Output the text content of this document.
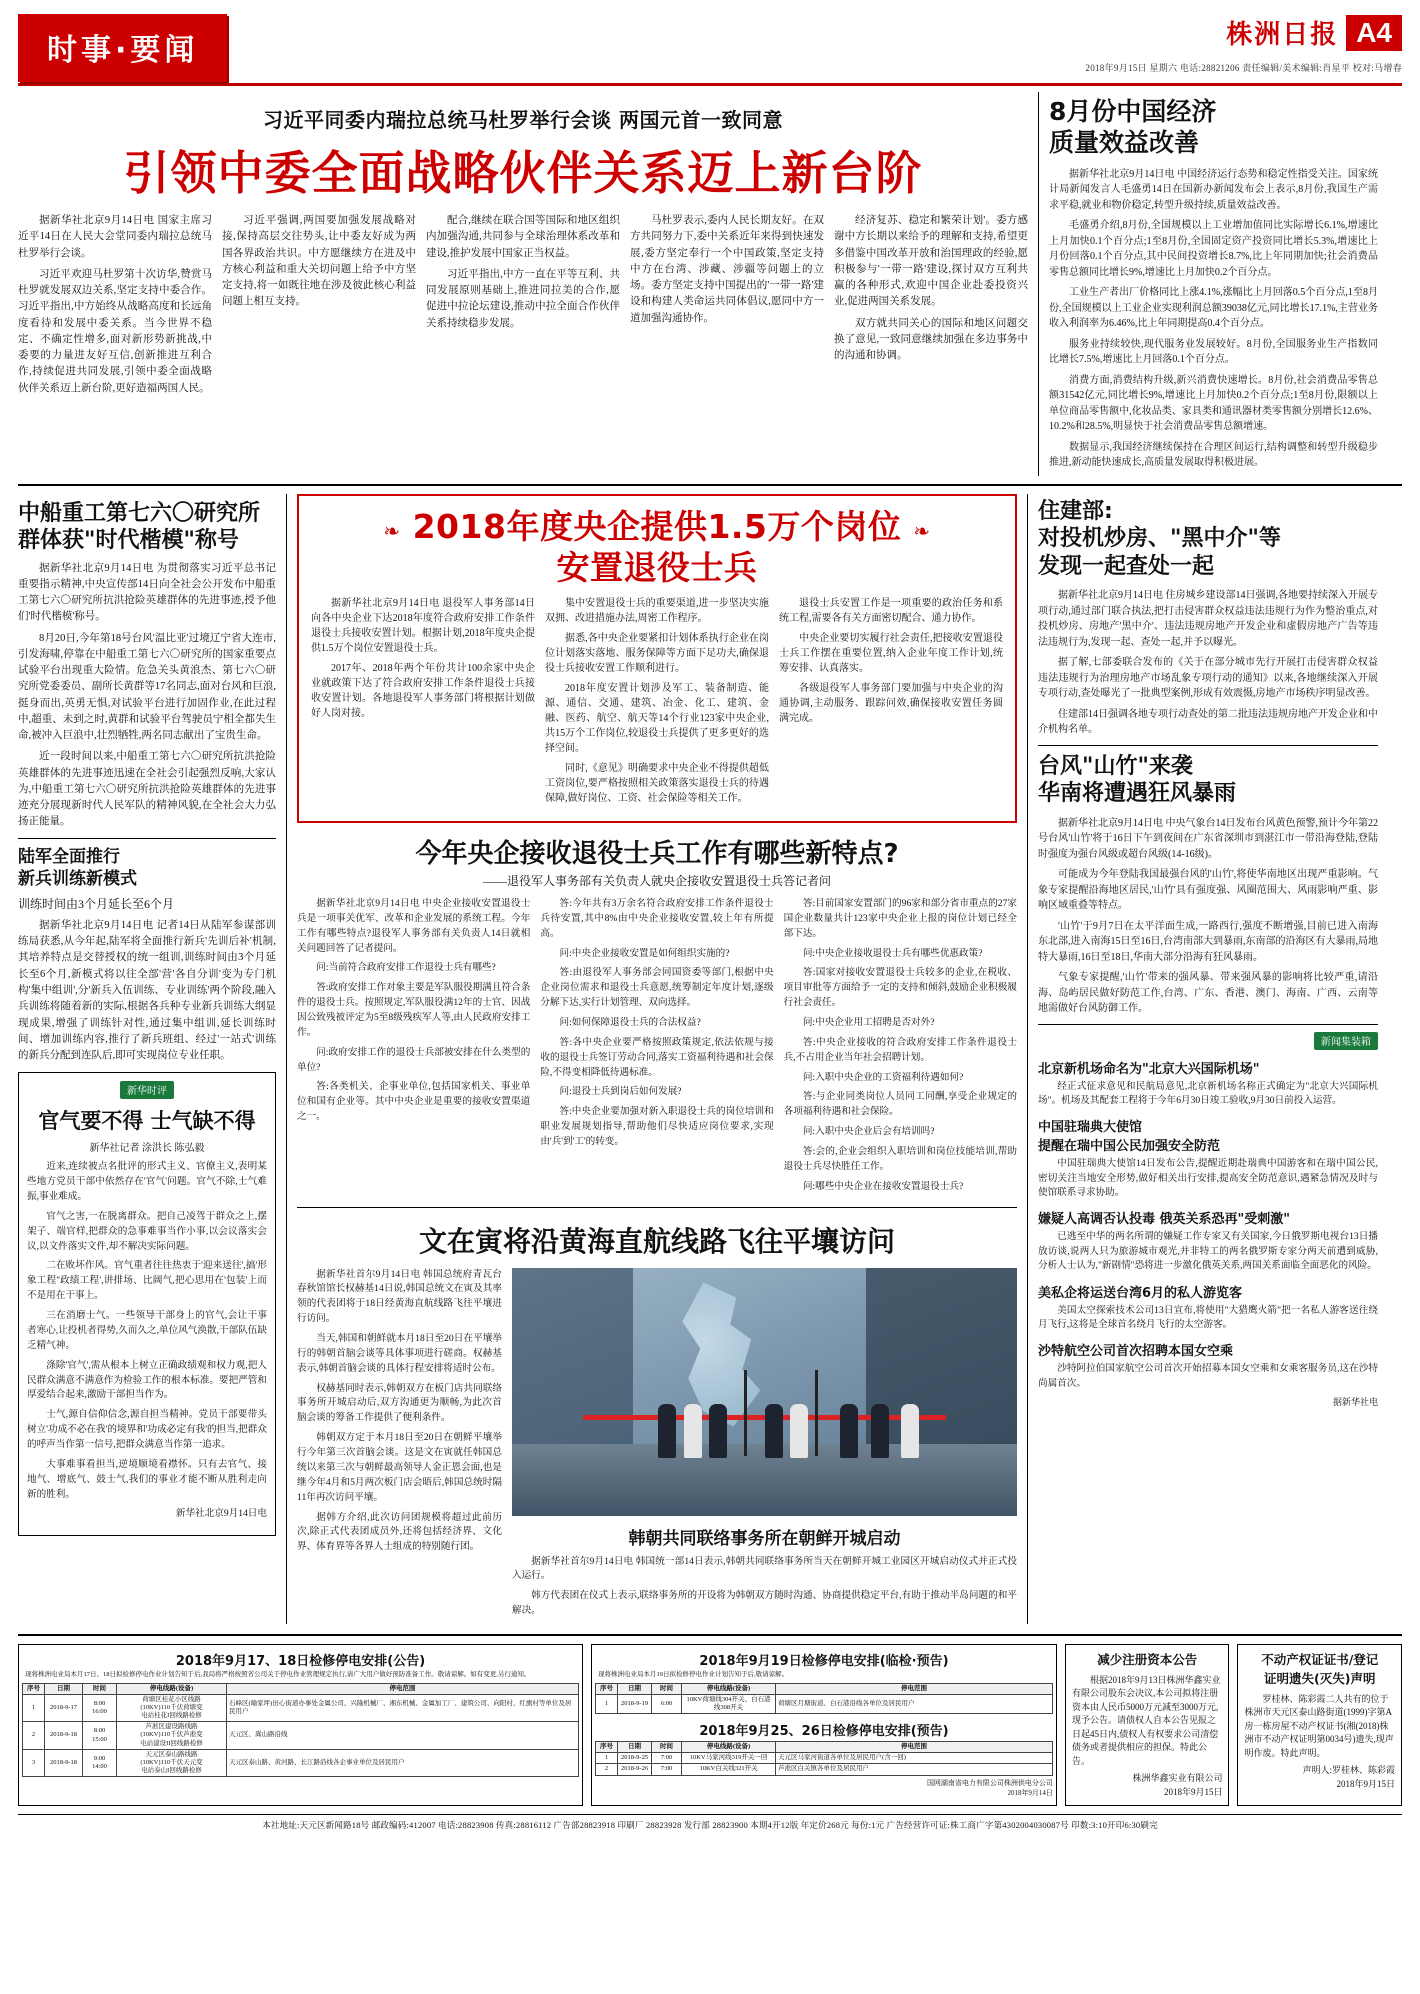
时事·要闻	株洲日报 A4
2018年9月15日 星期六 电话:28821206 责任编辑/美术编辑:肖星平 校对:马增春
习近平同委内瑞拉总统马杜罗举行会谈 两国元首一致同意
引领中委全面战略伙伴关系迈上新台阶

据新华社北京9月14日电 国家主席习近平14日在人民大会堂同委内瑞拉总统马杜罗举行会谈。

习近平欢迎马杜罗第十次访华,赞赏马杜罗就发展双边关系,坚定支持中委合作。习近平指出,中方始终从战略高度和长远角度看待和发展中委关系。当今世界不稳定、不确定性增多,面对新形势新挑战,中委要的力量进友好互信,创新推进互利合作,持续促进共同发展,引领中委全面战略伙伴关系迈上新台阶,更好造福两国人民。

习近平强调,两国要加强发展战略对接,保持高层交往势头,让中委友好成为两国各界政治共识。中方愿继续方在进及中方核心利益和重大关切问题上给予中方坚定支持,将一如既往地在涉及彼此核心利益问题上相互支持。

配合,继续在联合国等国际和地区组织内加强沟通,共同参与全球治理体系改革和建设,推护发展中国家正当权益。

习近平指出,中方一直在平等互利、共同发展原则基础上,推进同拉美的合作,愿促进中拉论坛建设,推动中拉全面合作伙伴关系持续稳步发展。

马杜罗表示,委内人民长期友好。在双方共同努力下,委中关系近年来得到快速发展,委方坚定奉行一个中国政策,坚定支持中方在台湾、涉藏、涉疆等问题上的立场。委方坚定支持中国提出的'一带一路'建设和构建人类命运共同体倡议,愿同中方一道加强沟通协作。

经济复苏、稳定和繁荣计划'。委方感谢中方长期以来给予的理解和支持,希望更多借鉴中国改革开放和治国理政的经验,愿积极参与'一带一路'建设,探讨双方互利共赢的各种形式,欢迎中国企业赴委投资兴业,促进两国关系发展。

双方就共同关心的国际和地区问题交换了意见,一致同意继续加强在多边事务中的沟通和协调。

8月份中国经济
质量效益改善

据新华社北京9月14日电 中国经济运行态势和稳定性指受关注。国家统计局新闻发言人毛盛勇14日在国新办新闻发布会上表示,8月份,我国生产需求平稳,就业和物价稳定,转型升级持续,质量效益改善。

毛盛勇介绍,8月份,全国规模以上工业增加值同比实际增长6.1%,增速比上月加快0.1个百分点;1至8月份,全国固定资产投资同比增长5.3%,增速比上月份回落0.1个百分点,其中民间投资增长8.7%,比上年同期加快;社会消费品零售总额同比增长9%,增速比上月加快0.2个百分点。

工业生产者出厂价格同比上涨4.1%,涨幅比上月回落0.5个百分点,1至8月份,全国规模以上工业企业实现利润总额39038亿元,同比增长17.1%,主营业务收入利润率为6.46%,比上年同期提高0.4个百分点。

服务业持续较快,现代服务业发展较好。8月份,全国服务业生产指数同比增长7.5%,增速比上月回落0.1个百分点。

消费方面,消费结构升级,新兴消费快速增长。8月份,社会消费品零售总额31542亿元,同比增长9%,增速比上月加快0.2个百分点;1至8月份,限额以上单位商品零售额中,化妆品类、家具类和通讯器材类零售额分别增长12.6%、10.2%和28.5%,明显快于社会消费品零售总额增速。

数据显示,我国经济继续保持在合理区间运行,结构调整和转型升级稳步推进,新动能快速成长,高质量发展取得积极进展。

中船重工第七六〇研究所
群体获"时代楷模"称号

据新华社北京9月14日电 为贯彻落实习近平总书记重要指示精神,中央宣传部14日向全社会公开发布中船重工第七六〇研究所抗洪抢险英雄群体的先进事迹,授予他们'时代楷模'称号。

8月20日,今年第18号台风'温比亚'过境辽宁省大连市,引发海啸,停靠在中船重工第七六〇研究所的国家重要点试验平台出现重大险情。危急关头黄浪杰、第七六〇研究所党委委员、副所长黄群等17名同志,面对台风和巨浪,挺身而出,英勇无惧,对试验平台进行加固作业,在此过程中,超重、未到之时,黄群和试验平台驾驶员宁相全都失生命,被冲入巨浪中,壮烈牺牲,两名同志献出了宝贵生命。

近一段时间以来,中船重工第七六〇研究所抗洪抢险英雄群体的先进事迹迅速在全社会引起强烈反响,大家认为,中船重工第七六〇研究所抗洪抢险英雄群体的先进事迹充分展现新时代人民军队的精神风貌,在全社会大力弘扬正能量。

陆军全面推行
新兵训练新模式
训练时间由3个月延长至6个月

据新华社北京9月14日电 记者14日从陆军参谋部训练局获悉,从今年起,陆军将全面推行新兵'先训后补'机制,其培养特点是交替授权的统一组训,训练时间由3个月延长至6个月,新模式将以往全部'营'各自分训'变为专门机构'集中组训',分'新兵入伍训练、专业训练'两个阶段,融入兵训练将随着新的实际,根据各兵种专业新兵训练大纲显现成果,增强了训练针对性,通过集中组训,延长训练时间、增加训练内容,推行了新兵班组、经过'一站式'训练的新兵分配到连队后,即可实现岗位专业任职。

新华时评
官气要不得 士气缺不得
新华社记者 涂洪长 陈弘毅

近来,连续被点名批评的形式主义、官僚主义,表明某些地方党员干部中依然存在'官气'问题。官气不除,士气难振,事业难成。

官气之害,一在脱离群众。把自己凌驾于群众之上,摆架子、端官样,把群众的急事难事当作小事,以会议落实会议,以文件落实文件,却不解决实际问题。

二在败坏作风。官气重者往往热衷于'迎来送往',搞'形象工程''政绩工程',讲排场、比阔气,把心思用在'包装'上而不是用在干事上。

三在消磨士气。一些领导干部身上的官气,会让干事者寒心,让投机者得势,久而久之,单位风气涣散,干部队伍缺乏精气神。

涤除'官气',需从根本上树立正确政绩观和权力观,把人民群众满意不满意作为检验工作的根本标准。要把严管和厚爱结合起来,激励干部担当作为。

士气,源自信仰信念,源自担当精神。党员干部要带头树立'功成不必在我'的境界和'功成必定有我'的担当,把群众的呼声当作第一信号,把群众满意当作第一追求。

大事难事看担当,逆境顺境看襟怀。只有去官气、接地气、增底气、鼓士气,我们的事业才能不断从胜利走向新的胜利。

新华社北京9月14日电

❧ 2018年度央企提供1.5万个岗位 ❧
安置退役士兵

据新华社北京9月14日电 退役军人事务部14日向各中央企业下达2018年度符合政府安排工作条件退役士兵接收安置计划。根据计划,2018年度央企提供1.5万个岗位安置退役士兵。

2017年、2018年两个年份共计100余家中央企业就政策下达了符合政府安排工作条件退役士兵接收安置计划。各地退役军人事务部门将根据计划做好人岗对接。

集中安置退役士兵的重要渠道,进一步坚决实施双拥、改进措施办法,周密工作程序。

据悉,各中央企业要紧扣计划体系执行企业在岗位计划落实落地、服务保障等方面下足功夫,确保退役士兵接收安置工作顺利进行。

2018年度安置计划涉及军工、装备制造、能源、通信、交通、建筑、冶金、化工、建筑、金融、医药、航空、航天等14个行业123家中央企业,共15万个工作岗位,较退役士兵提供了更多更好的选择空间。

同时,《意见》明确要求中央企业不得提供超低工资岗位,要严格按照相关政策落实退役士兵的待遇保障,做好岗位、工资、社会保险等相关工作。

退役士兵安置工作是一项重要的政治任务和系统工程,需要各有关方面密切配合、通力协作。

中央企业要切实履行社会责任,把接收安置退役士兵工作摆在重要位置,纳入企业年度工作计划,统筹安排、认真落实。

各级退役军人事务部门要加强与中央企业的沟通协调,主动服务、跟踪问效,确保接收安置任务圆满完成。

今年央企接收退役士兵工作有哪些新特点?
——退役军人事务部有关负责人就央企接收安置退役士兵答记者问

据新华社北京9月14日电 中央企业接收安置退役士兵是一项事关优军、改革和企业发展的系统工程。今年工作有哪些特点?退役军人事务部有关负责人14日就相关问题回答了记者提问。

问:当前符合政府安排工作退役士兵有哪些?

答:政府安排工作对象主要是军队服役期满且符合条件的退役士兵。按照规定,军队服役满12年的士官、因战因公致残被评定为5至8级残疾军人等,由人民政府安排工作。

问:政府安排工作的退役士兵部被安排在什么类型的单位?

答:各类机关、企事业单位,包括国家机关、事业单位和国有企业等。其中中央企业是重要的接收安置渠道之一。

答:今年共有3万余名符合政府安排工作条件退役士兵待安置,其中8%由中央企业接收安置,较上年有所提高。

问:中央企业接收安置是如何组织实施的?

答:由退役军人事务部会同国资委等部门,根据中央企业岗位需求和退役士兵意愿,统筹制定年度计划,逐级分解下达,实行计划管理、双向选择。

问:如何保障退役士兵的合法权益?

答:各中央企业要严格按照政策规定,依法依规与接收的退役士兵签订劳动合同,落实工资福利待遇和社会保险,不得变相降低待遇标准。

问:退役士兵到岗后如何发展?

答:中央企业要加强对新入职退役士兵的岗位培训和职业发展规划指导,帮助他们尽快适应岗位要求,实现由'兵'到'工'的转变。

答:目前国家安置部门的96家和部分省市重点的27家国企业数量共计123家中央企业上报的岗位计划已经全部下达。

问:中央企业接收退役士兵有哪些优惠政策?

答:国家对接收安置退役士兵较多的企业,在税收、项目审批等方面给予一定的支持和倾斜,鼓励企业积极履行社会责任。

问:中央企业用工招聘是否对外?

答:中央企业接收的符合政府安排工作条件退役士兵,不占用企业当年社会招聘计划。

问:入职中央企业的工资福利待遇如何?

答:与企业同类岗位人员同工同酬,享受企业规定的各项福利待遇和社会保险。

问:入职中央企业后会有培训吗?

答:会的,企业会组织入职培训和岗位技能培训,帮助退役士兵尽快胜任工作。

问:哪些中央企业在接收安置退役士兵?

文在寅将沿黄海直航线路飞往平壤访问

据新华社首尔9月14日电 韩国总统府青瓦台春秋馆馆长权赫基14日说,韩国总统文在寅及其率领的代表团将于18日经黄海直航线路飞往平壤进行访问。

当天,韩国和朝鲜就本月18日至20日在平壤举行的韩朝首脑会谈等具体事项进行磋商。权赫基表示,韩朝首脑会谈的具体行程安排将适时公布。

权赫基同时表示,韩朝双方在板门店共同联络事务所开城启动后,双方沟通更为顺畅,为此次首脑会谈的筹备工作提供了便利条件。

韩朝双方定于本月18日至20日在朝鲜平壤举行今年第三次首脑会谈。这是文在寅就任韩国总统以来第三次与朝鲜最高领导人金正恩会面,也是继今年4月和5月两次板门店会晤后,韩国总统时隔11年再次访问平壤。

据韩方介绍,此次访问团规模将超过此前历次,除正式代表团成员外,还将包括经济界、文化界、体育界等各界人士组成的特别随行团。	韩朝共同联络事务所在朝鲜开城启动

据新华社首尔9月14日电 韩国统一部14日表示,韩朝共同联络事务所当天在朝鲜开城工业园区开城启动仪式并正式投入运行。

韩方代表团在仪式上表示,联络事务所的开设将为韩朝双方随时沟通、协商提供稳定平台,有助于推动半岛问题的和平解决。

住建部:
对投机炒房、"黑中介"等
发现一起查处一起

据新华社北京9月14日电 住房城乡建设部14日强调,各地要持续深入开展专项行动,通过部门联合执法,把打击侵害群众权益违法违规行为作为整治重点,对投机炒房、房地产'黑中介'、违法违规房地产开发企业和虚假房地产广告等违法违规行为,发现一起、查处一起,并予以曝光。

据了解,七部委联合发布的《关于在部分城市先行开展打击侵害群众权益违法违规行为治理房地产市场乱象专项行动的通知》以来,各地继续深入开展专项行动,查处曝光了一批典型案例,形成有效震慑,房地产市场秩序明显改善。

住建部14日强调各地专项行动查处的第二批违法违规房地产开发企业和中介机构名单。

台风"山竹"来袭
华南将遭遇狂风暴雨

据新华社北京9月14日电 中央气象台14日发布台风黄色预警,预计今年第22号台风'山竹'将于16日下午到夜间在广东省深圳市到湛江市一带沿海登陆,登陆时强度为强台风级或超台风级(14-16级)。

可能成为今年登陆我国最强台风的'山竹',将使华南地区出现严重影响。气象专家提醒沿海地区居民,'山竹'具有强度强、风圈范围大、风雨影响严重、影响区域重叠等特点。

'山竹'于9月7日在太平洋面生成,一路西行,强度不断增强,目前已进入南海东北部,进入南海15日至16日,台湾南部大到暴雨,东南部的沿海区有大暴雨,局地特大暴雨,16日至18日,华南大部分沿海有狂风暴雨。

气象专家提醒,'山竹'带来的强风暴、带来强风暴的影响将比较严重,请沿海、岛屿居民做好防范工作,台湾、广东、香港、澳门、海南、广西、云南等地需做好台风防御工作。

新闻集装箱
北京新机场命名为"北京大兴国际机场"

经正式征求意见和民航局意见,北京新机场名称正式确定为"北京大兴国际机场"。机场及其配套工程将于今年6月30日竣工验收,9月30日前投入运营。

中国驻瑞典大使馆
提醒在瑞中国公民加强安全防范

中国驻瑞典大使馆14日发布公告,提醒近期赴瑞典中国游客和在瑞中国公民,密切关注当地安全形势,做好相关出行安排,提高安全防范意识,遇紧急情况及时与使馆联系寻求协助。

嫌疑人高调否认投毒 俄英关系恐再"受刺激"

已逃至中华的两名所谓的嫌疑工作专家又有关国家,今日俄罗斯电视台13日播放访谈,说两人只为旅游城市观光,并非特工的两名俄罗斯专家分两天前遭到威胁,分析人士认为,"新剧情"恐将进一步激化俄英关系,两国关系面临全面恶化的风险。

美私企将运送台湾6月的私人游览客

美国太空探索技术公司13日宣布,将使用"大猎鹰火箭"把一名私人游客送往绕月飞行,这将是全球首名绕月飞行的太空游客。

沙特航空公司首次招聘本国女空乘

沙特阿拉伯国家航空公司首次开始招募本国女空乘和女乘客服务员,这在沙特尚属首次。

据新华社电
2018年9月17、18日检修停电安排(公告)
现将株洲电业局本月17日、18日拟检修停电作业计划告知于后,我局将严格按照省公司关于停电作业管理规定执行,请广大用户做好预防准备工作。敬请谅解。如有变更,另行通知。
序号	日期	时间	停电线路(设备)	停电范围
1	2018-9-17	8:00
16:00	荷塘区桂花小区线路
(10KV)110千伏荷塘变
电站桂花I回线路检修	石峰区(喻家坪)田心街道办事处金属公司、兴隆机械厂、湘东机械、金属加工厂、建筑公司、向阳村、红旗村等单位及居民用户
2	2018-9-18	8:00
15:00	芦淞区建设路线路
(10KV)110千伏芦淞变
电站建设II回线路检修	天元区、嵩山路沿线
3	2018-9-18	9:00
14:00	天元区泰山路线路
(10KV)110千伏天元变
电站泰山I回线路检修	天元区泰山路、黄河路、长江路沿线各企事业单位及居民用户
2018年9月19日检修停电安排(临检·预告)
现将株洲电业局本月19日拟检修停电作业计划告知于后,敬请谅解。
序号	日期	时间	停电线路(设备)	停电范围
1	2018-9-19	6:00	10KV荷塘线304开关、白石港线308开关	荷塘区月塘街道、白石港沿线各单位及居民用户
2018年9月25、26日检修停电安排(预告)
序号	日期	时间	停电线路(设备)	停电范围
1	2018-9-25	7:00	10KV马家河线319开关一回	天元区马家河街道各单位及居民用户(含一回)
2	2018-9-26	7:00	10KV白关线321开关	芦淞区白关镇各单位及居民用户
国网湖南省电力有限公司株洲供电分公司
2018年9月14日
减少注册资本公告

根据2018年9月13日株洲华鑫实业有限公司股东会决议,本公司拟将注册资本由人民币5000万元减至3000万元,现予公告。请债权人自本公告见报之日起45日内,债权人有权要求公司清偿债务或者提供相应的担保。特此公告。

株洲华鑫实业有限公司
2018年9月15日
不动产权证证书/登记
证明遗失(灭失)声明

罗桂林、陈彩霞二人共有的位于株洲市天元区泰山路街道(1999)字第A房一栋房屋不动产权证书(湘(2018)株洲市不动产权证明第0034号)遗失,现声明作废。特此声明。

声明人:罗桂林、陈彩霞
2018年9月15日
本社地址:天元区新闻路18号 邮政编码:412007 电话:28823908 传真:28816112 广告部28823918 印刷厂 28823928 发行部 28823900 本期4开12版 年定价268元 每份:1元 广告经营许可证:株工商广字第4302004030087号 印数:3:10开印6:30刷完
